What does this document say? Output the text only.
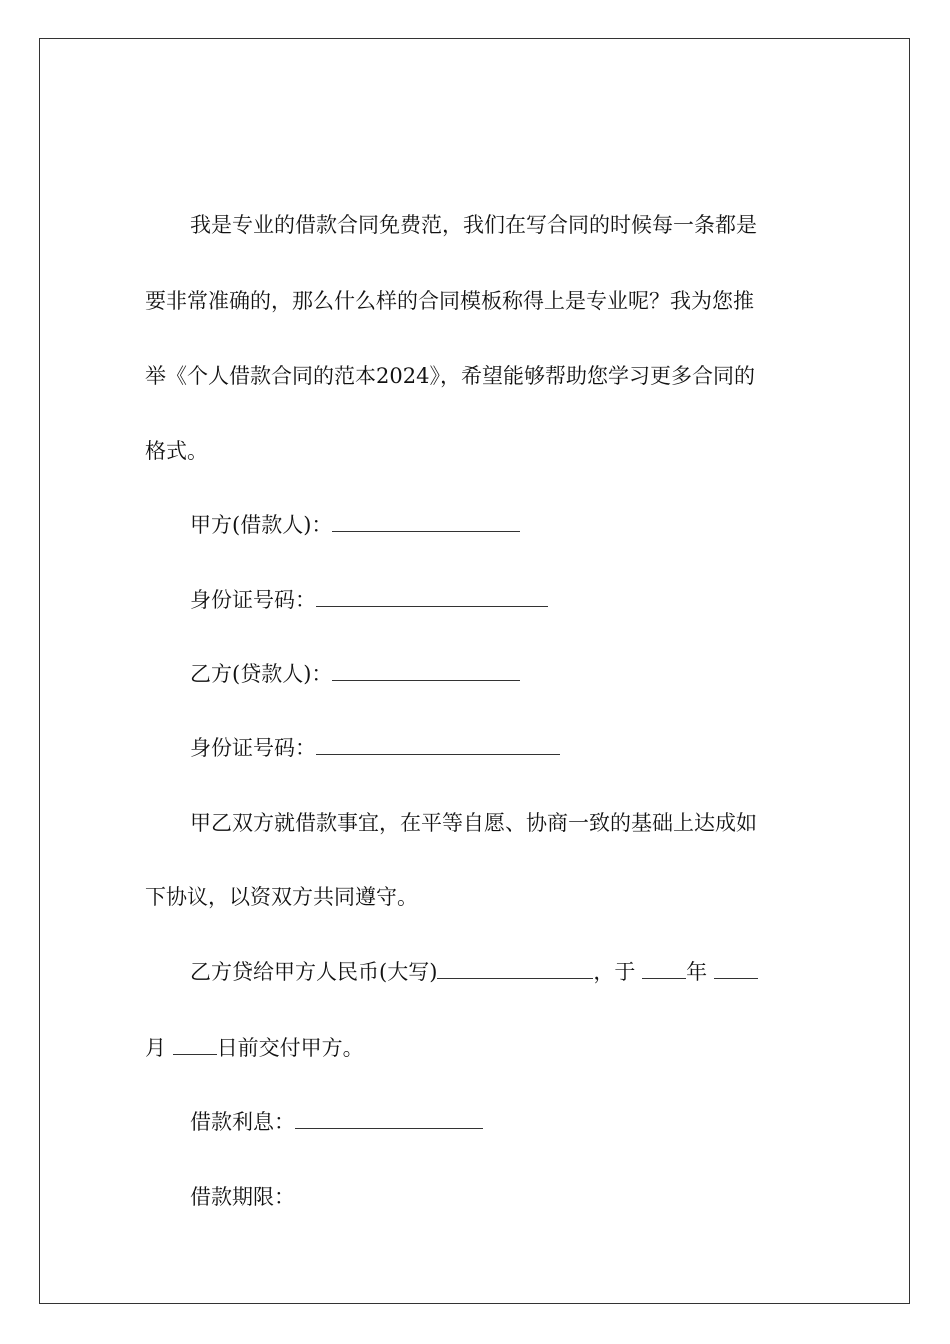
我是专业的借款合同免费范，我们在写合同的时候每一条都是
要非常准确的，那么什么样的合同模板称得上是专业呢？我为您推
举《个人借款合同的范本2024》，希望能够帮助您学习更多合同的
格式。
甲方(借款人)：
身份证号码：
乙方(贷款人)：
身份证号码：
甲乙双方就借款事宜，在平等自愿、协商一致的基础上达成如
下协议，以资双方共同遵守。
乙方贷给甲方人民币(大写)	，于 年
月 日前交付甲方。
借款利息：
借款期限：
